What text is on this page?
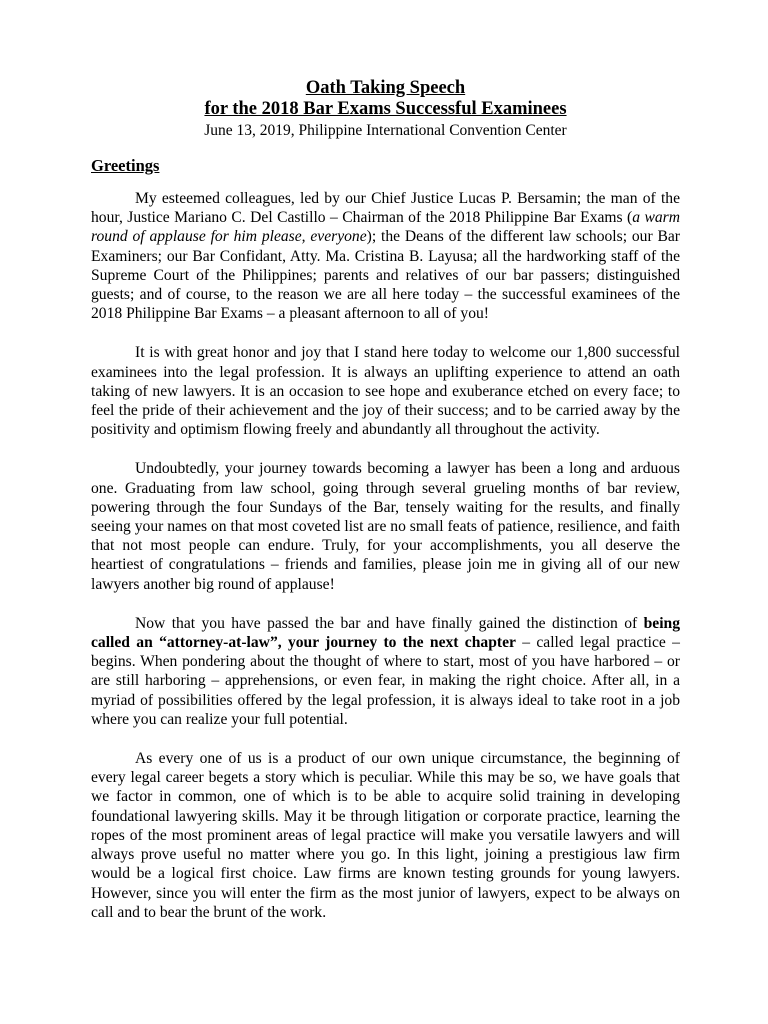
Oath Taking Speech

for the 2018 Bar Exams Successful Examinees

June 13, 2019, Philippine International Convention Center

Greetings

My esteemed colleagues, led by our Chief Justice Lucas P. Bersamin; the man of the hour, Justice Mariano C. Del Castillo – Chairman of the 2018 Philippine Bar Exams (a warm round of applause for him please, everyone); the Deans of the different law schools; our Bar Examiners; our Bar Confidant, Atty. Ma. Cristina B. Layusa; all the hardworking staff of the Supreme Court of the Philippines; parents and relatives of our bar passers; distinguished guests; and of course, to the reason we are all here today – the successful examinees of the 2018 Philippine Bar Exams – a pleasant afternoon to all of you!

It is with great honor and joy that I stand here today to welcome our 1,800 successful examinees into the legal profession. It is always an uplifting experience to attend an oath taking of new lawyers. It is an occasion to see hope and exuberance etched on every face; to feel the pride of their achievement and the joy of their success; and to be carried away by the positivity and optimism flowing freely and abundantly all throughout the activity.

Undoubtedly, your journey towards becoming a lawyer has been a long and arduous one. Graduating from law school, going through several grueling months of bar review, powering through the four Sundays of the Bar, tensely waiting for the results, and finally seeing your names on that most coveted list are no small feats of patience, resilience, and faith that not most people can endure. Truly, for your accomplishments, you all deserve the heartiest of congratulations – friends and families, please join me in giving all of our new lawyers another big round of applause!

Now that you have passed the bar and have finally gained the distinction of being called an “attorney-at-law”, your journey to the next chapter – called legal practice – begins. When pondering about the thought of where to start, most of you have harbored – or are still harboring – apprehensions, or even fear, in making the right choice. After all, in a myriad of possibilities offered by the legal profession, it is always ideal to take root in a job where you can realize your full potential.

As every one of us is a product of our own unique circumstance, the beginning of every legal career begets a story which is peculiar. While this may be so, we have goals that we factor in common, one of which is to be able to acquire solid training in developing foundational lawyering skills. May it be through litigation or corporate practice, learning the ropes of the most prominent areas of legal practice will make you versatile lawyers and will always prove useful no matter where you go. In this light, joining a prestigious law firm would be a logical first choice. Law firms are known testing grounds for young lawyers. However, since you will enter the firm as the most junior of lawyers, expect to be always on call and to bear the brunt of the work.
